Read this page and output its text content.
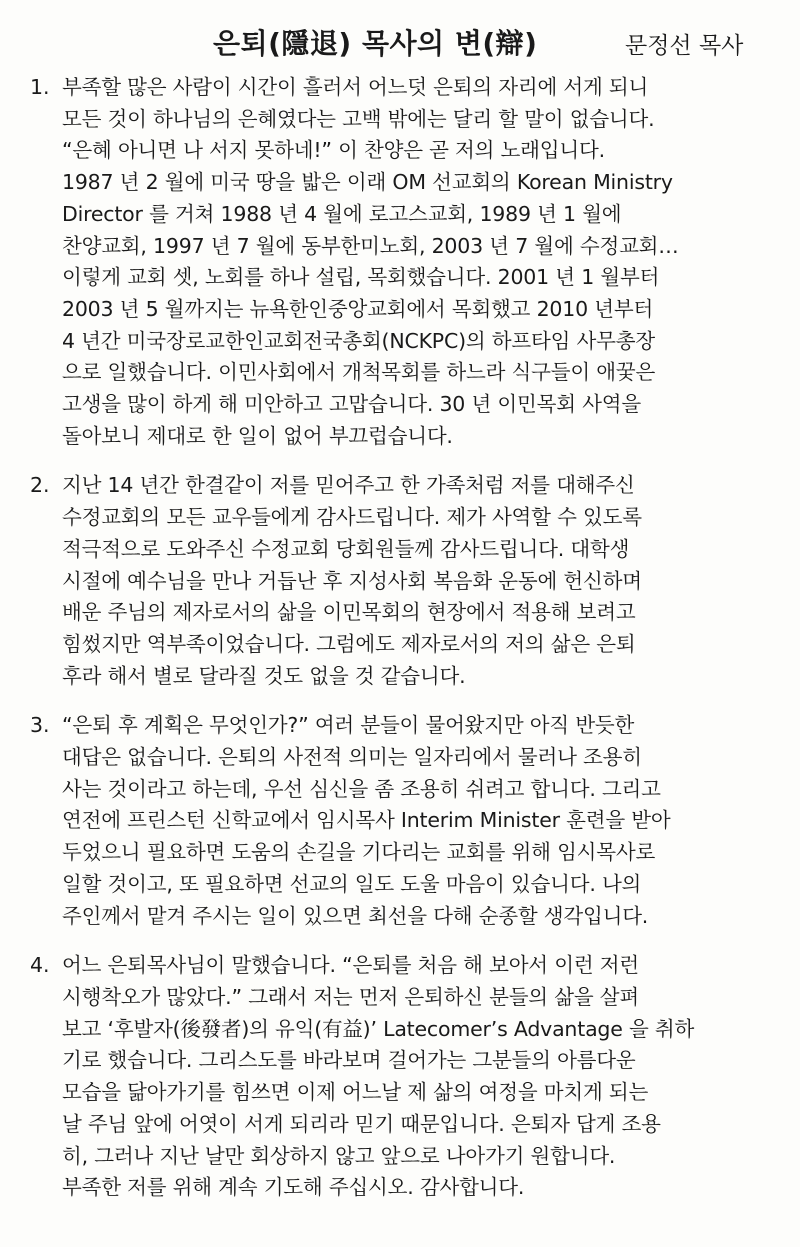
은퇴(隱退) 목사의 변(辯)	문정선 목사
1. 부족할 많은 사람이 시간이 흘러서 어느덧 은퇴의 자리에 서게 되니
모든 것이 하나님의 은혜였다는 고백 밖에는 달리 할 말이 없습니다.
“은혜 아니면 나 서지 못하네!” 이 찬양은 곧 저의 노래입니다.
1987 년 2 월에 미국 땅을 밟은 이래 OM 선교회의 Korean Ministry
Director 를 거쳐 1988 년 4 월에 로고스교회, 1989 년 1 월에
찬양교회, 1997 년 7 월에 동부한미노회, 2003 년 7 월에 수정교회…
이렇게 교회 셋, 노회를 하나 설립, 목회했습니다. 2001 년 1 월부터
2003 년 5 월까지는 뉴욕한인중앙교회에서 목회했고 2010 년부터
4 년간 미국장로교한인교회전국총회(NCKPC)의 하프타임 사무총장
으로 일했습니다. 이민사회에서 개척목회를 하느라 식구들이 애꿎은
고생을 많이 하게 해 미안하고 고맙습니다. 30 년 이민목회 사역을
돌아보니 제대로 한 일이 없어 부끄럽습니다.
2. 지난 14 년간 한결같이 저를 믿어주고 한 가족처럼 저를 대해주신
수정교회의 모든 교우들에게 감사드립니다. 제가 사역할 수 있도록
적극적으로 도와주신 수정교회 당회원들께 감사드립니다. 대학생
시절에 예수님을 만나 거듭난 후 지성사회 복음화 운동에 헌신하며
배운 주님의 제자로서의 삶을 이민목회의 현장에서 적용해 보려고
힘썼지만 역부족이었습니다. 그럼에도 제자로서의 저의 삶은 은퇴
후라 해서 별로 달라질 것도 없을 것 같습니다.
3. “은퇴 후 계획은 무엇인가?” 여러 분들이 물어왔지만 아직 반듯한
대답은 없습니다. 은퇴의 사전적 의미는 일자리에서 물러나 조용히
사는 것이라고 하는데, 우선 심신을 좀 조용히 쉬려고 합니다. 그리고
연전에 프린스턴 신학교에서 임시목사 Interim Minister 훈련을 받아
두었으니 필요하면 도움의 손길을 기다리는 교회를 위해 임시목사로
일할 것이고, 또 필요하면 선교의 일도 도울 마음이 있습니다. 나의
주인께서 맡겨 주시는 일이 있으면 최선을 다해 순종할 생각입니다.
4. 어느 은퇴목사님이 말했습니다. “은퇴를 처음 해 보아서 이런 저런
시행착오가 많았다.” 그래서 저는 먼저 은퇴하신 분들의 삶을 살펴
보고 ‘후발자(後發者)의 유익(有益)’ Latecomer’s Advantage 을 취하
기로 했습니다. 그리스도를 바라보며 걸어가는 그분들의 아름다운
모습을 닮아가기를 힘쓰면 이제 어느날 제 삶의 여정을 마치게 되는
날 주님 앞에 어엿이 서게 되리라 믿기 때문입니다. 은퇴자 답게 조용
히, 그러나 지난 날만 회상하지 않고 앞으로 나아가기 원합니다.
부족한 저를 위해 계속 기도해 주십시오. 감사합니다.
